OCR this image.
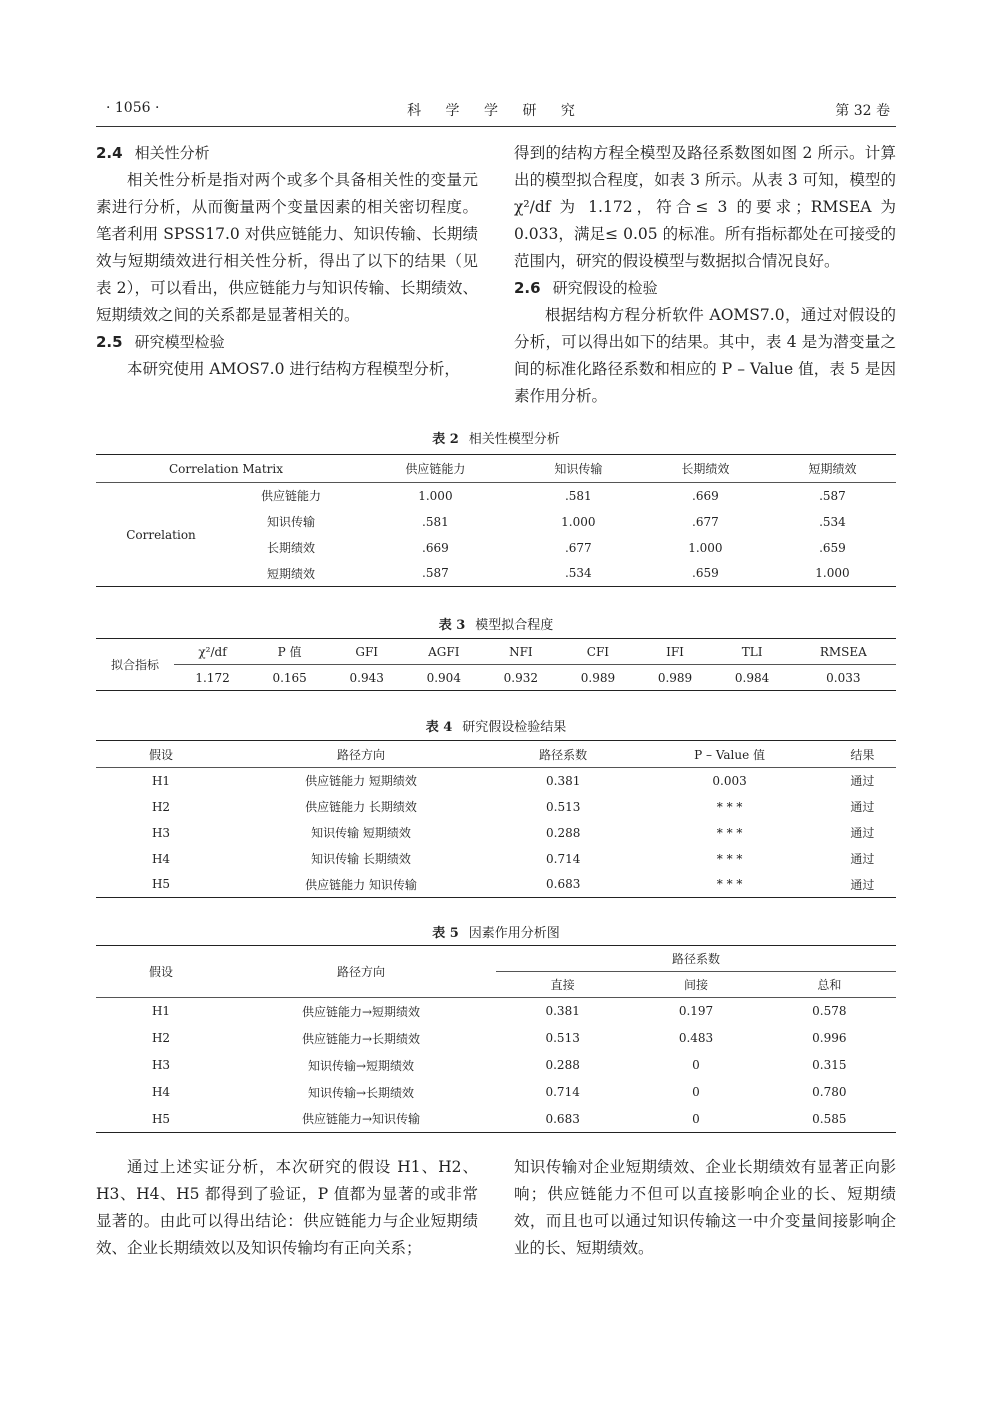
· 1056 ·	科 学 学 研 究	第 32 卷

2.4 相关性分析

相关性分析是指对两个或多个具备相关性的变量元素进行分析，从而衡量两个变量因素的相关密切程度。笔者利用 SPSS17.0 对供应链能力、知识传输、长期绩效与短期绩效进行相关性分析，得出了以下的结果（见表 2），可以看出，供应链能力与知识传输、长期绩效、短期绩效之间的关系都是显著相关的。

2.5 研究模型检验

本研究使用 AMOS7.0 进行结构方程模型分析，

得到的结构方程全模型及路径系数图如图 2 所示。计算出的模型拟合程度，如表 3 所示。从表 3 可知，模型的 χ²/df 为 1.172，符合≤ 3 的要求；RMSEA 为 0.033，满足≤ 0.05 的标准。所有指标都处在可接受的范围内，研究的假设模型与数据拟合情况良好。

2.6 研究假设的检验

根据结构方程分析软件 AOMS7.0，通过对假设的分析，可以得出如下的结果。其中，表 4 是为潜变量之间的标准化路径系数和相应的 P – Value 值，表 5 是因素作用分析。

表 2 相关性模型分析
Correlation Matrix		供应链能力	知识传输	长期绩效	短期绩效
Correlation	供应链能力	1.000	.581	.669	.587
	知识传输	.581	1.000	.677	.534
	长期绩效	.669	.677	1.000	.659
	短期绩效	.587	.534	.659	1.000
表 3 模型拟合程度
拟合指标	χ²/df	P 值	GFI	AGFI	NFI	CFI	IFI	TLI	RMSEA
	1.172	0.165	0.943	0.904	0.932	0.989	0.989	0.984	0.033
表 4 研究假设检验结果
假设	路径方向	路径系数	P – Value 值	结果
H1	供应链能力 短期绩效	0.381	0.003	通过
H2	供应链能力 长期绩效	0.513	* * *	通过
H3	知识传输 短期绩效	0.288	* * *	通过
H4	知识传输 长期绩效	0.714	* * *	通过
H5	供应链能力 知识传输	0.683	* * *	通过
表 5 因素作用分析图
假设	路径方向	路径系数		
		直接	间接	总和
H1	供应链能力→短期绩效	0.381	0.197	0.578
H2	供应链能力→长期绩效	0.513	0.483	0.996
H3	知识传输→短期绩效	0.288	0	0.315
H4	知识传输→长期绩效	0.714	0	0.780
H5	供应链能力→知识传输	0.683	0	0.585

通过上述实证分析，本次研究的假设 H1、H2、H3、H4、H5 都得到了验证，P 值都为显著的或非常显著的。由此可以得出结论：供应链能力与企业短期绩效、企业长期绩效以及知识传输均有正向关系；

知识传输对企业短期绩效、企业长期绩效有显著正向影响；供应链能力不但可以直接影响企业的长、短期绩效，而且也可以通过知识传输这一中介变量间接影响企业的长、短期绩效。
